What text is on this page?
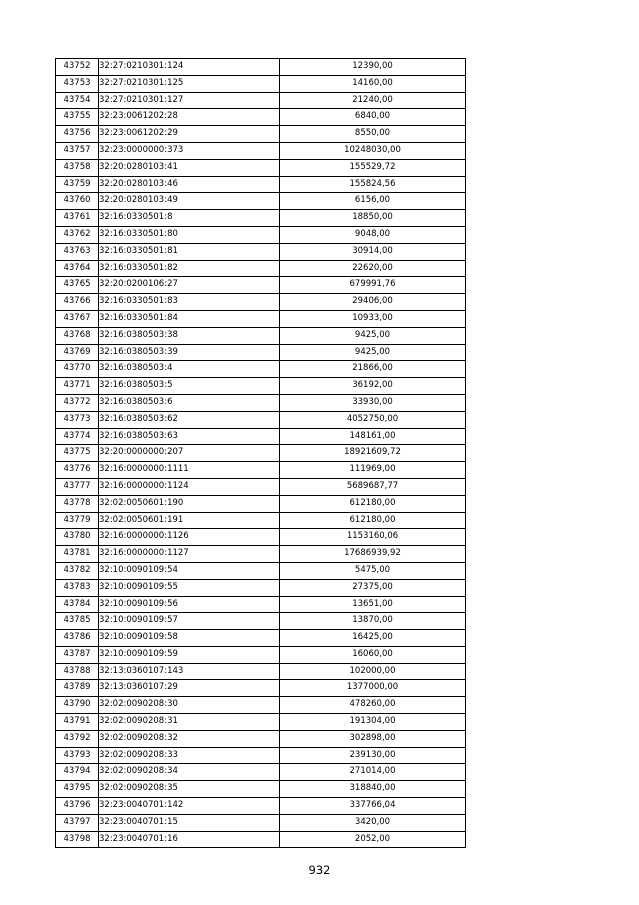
43752	32:27:0210301:124	12390,00
43753	32:27:0210301:125	14160,00
43754	32:27:0210301:127	21240,00
43755	32:23:0061202:28	6840,00
43756	32:23:0061202:29	8550,00
43757	32:23:0000000:373	10248030,00
43758	32:20:0280103:41	155529,72
43759	32:20:0280103:46	155824,56
43760	32:20:0280103:49	6156,00
43761	32:16:0330501:8	18850,00
43762	32:16:0330501:80	9048,00
43763	32:16:0330501:81	30914,00
43764	32:16:0330501:82	22620,00
43765	32:20:0200106:27	679991,76
43766	32:16:0330501:83	29406,00
43767	32:16:0330501:84	10933,00
43768	32:16:0380503:38	9425,00
43769	32:16:0380503:39	9425,00
43770	32:16:0380503:4	21866,00
43771	32:16:0380503:5	36192,00
43772	32:16:0380503:6	33930,00
43773	32:16:0380503:62	4052750,00
43774	32:16:0380503:63	148161,00
43775	32:20:0000000:207	18921609,72
43776	32:16:0000000:1111	111969,00
43777	32:16:0000000:1124	5689687,77
43778	32:02:0050601:190	612180,00
43779	32:02:0050601:191	612180,00
43780	32:16:0000000:1126	1153160,06
43781	32:16:0000000:1127	17686939,92
43782	32:10:0090109:54	5475,00
43783	32:10:0090109:55	27375,00
43784	32:10:0090109:56	13651,00
43785	32:10:0090109:57	13870,00
43786	32:10:0090109:58	16425,00
43787	32:10:0090109:59	16060,00
43788	32:13:0360107:143	102000,00
43789	32:13:0360107:29	1377000,00
43790	32:02:0090208:30	478260,00
43791	32:02:0090208:31	191304,00
43792	32:02:0090208:32	302898,00
43793	32:02:0090208:33	239130,00
43794	32:02:0090208:34	271014,00
43795	32:02:0090208:35	318840,00
43796	32:23:0040701:142	337766,04
43797	32:23:0040701:15	3420,00
43798	32:23:0040701:16	2052,00
932
